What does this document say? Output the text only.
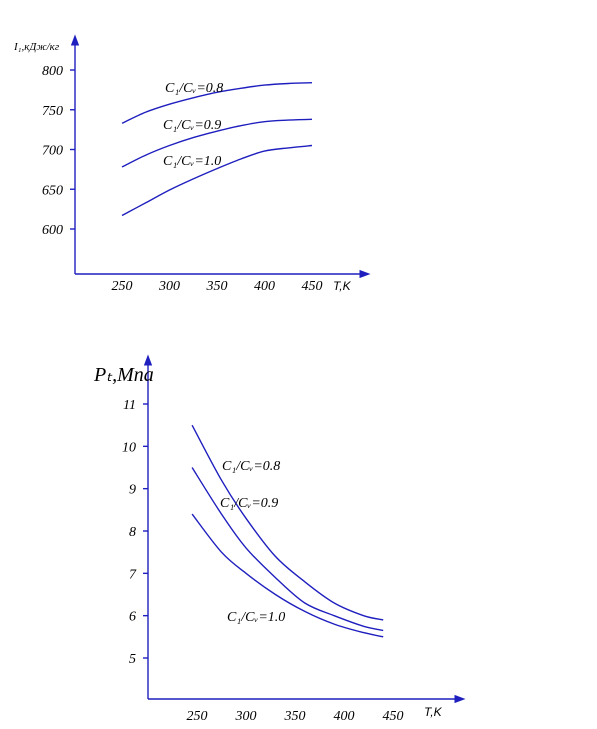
I₁,кДж/кг
T,K
600
650
700
750
800
250 300 350 400 450
C₁/Cᵥ=0.8
C₁/Cᵥ=0.9
C₁/Cᵥ=1.0
Pₜ,Мпа
T,K
5
6
7
8
9
10
11
250 300 350 400 450
C₁/Cᵥ=0.8
C₁/Cᵥ=0.9
C₁/Cᵥ=1.0
